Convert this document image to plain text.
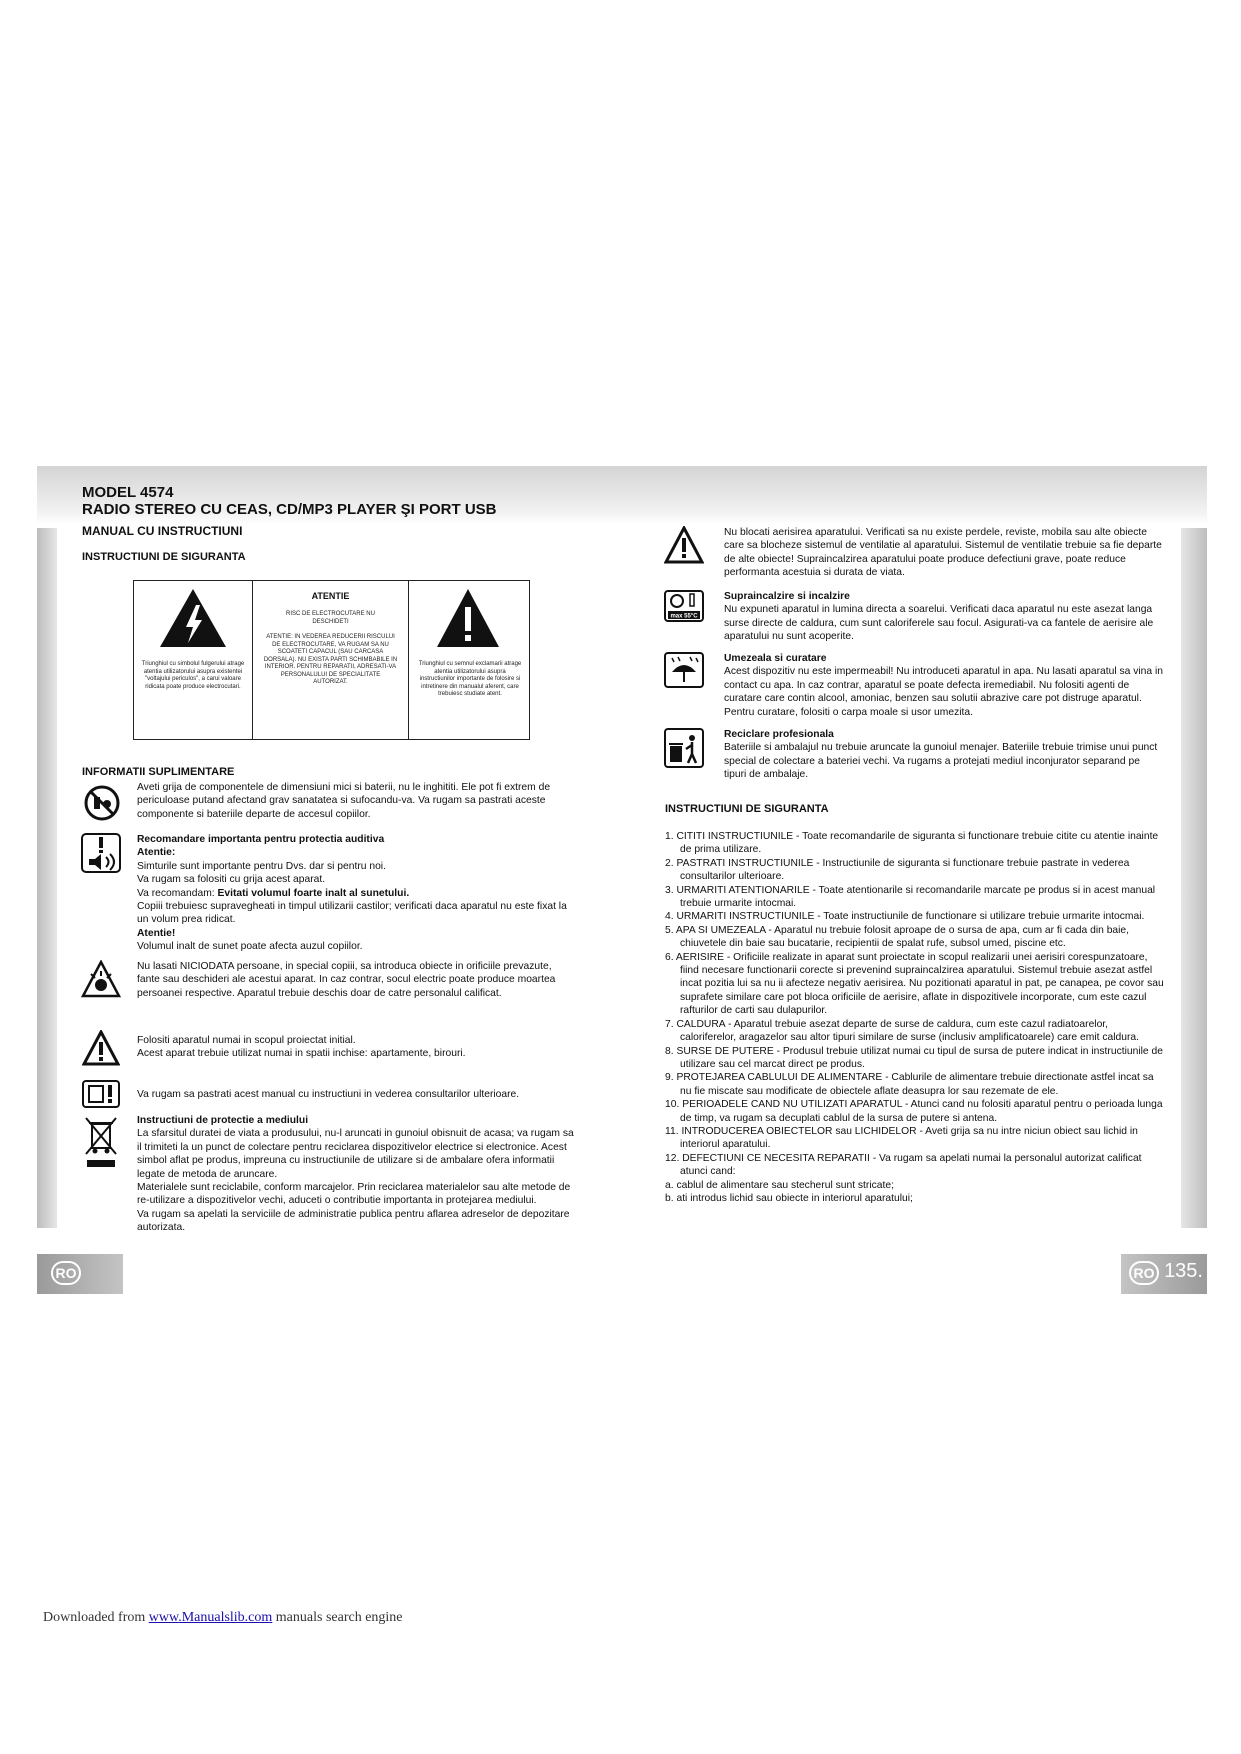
MODEL 4574
RADIO STEREO CU CEAS, CD/MP3 PLAYER ŞI PORT USB
MANUAL CU INSTRUCTIUNI
INSTRUCTIUNI DE SIGURANTA
Triunghiul cu simbolul fulgerului atrage atentia utilizatorului asupra existentei "voltajului periculos", a carui valoare ridicata poate produce electrocutari.
ATENTIE
RISC DE ELECTROCUTARE NU DESCHIDETI
ATENTIE: IN VEDEREA REDUCERII RISCULUI DE ELECTROCUTARE, VA RUGAM SA NU SCOATETI CAPACUL (SAU CARCASA DORSALA). NU EXISTA PARTI SCHIMBABILE IN INTERIOR. PENTRU REPARATII, ADRESATI-VA PERSONALULUI DE SPECIALITATE AUTORIZAT.
Triunghiul cu semnul exclamarii atrage atentia utilizatorului asupra instructiunilor importante de folosire si intretinere din manualul aferent, care trebuiesc studiate atent.
INFORMATII SUPLIMENTARE
Aveti grija de componentele de dimensiuni mici si baterii, nu le inghititi. Ele pot fi extrem de periculoase putand afectand grav sanatatea si sufocandu-va. Va rugam sa pastrati aceste componente si bateriile departe de accesul copiilor.
Recomandare importanta pentru protectia auditiva
Atentie:
Simturile sunt importante pentru Dvs. dar si pentru noi.
Va rugam sa folositi cu grija acest aparat.
Va recomandam: Evitati volumul foarte inalt al sunetului.
Copiii trebuiesc supravegheati in timpul utilizarii castilor; verificati daca aparatul nu este fixat la un volum prea ridicat.
Atentie!
Volumul inalt de sunet poate afecta auzul copiilor.
Nu lasati NICIODATA persoane, in special copiii, sa introduca obiecte in orificiile prevazute, fante sau deschideri ale acestui aparat. In caz contrar, socul electric poate produce moartea persoanei respective. Aparatul trebuie deschis doar de catre personalul calificat.
Folositi aparatul numai in scopul proiectat initial.
Acest aparat trebuie utilizat numai in spatii inchise: apartamente, birouri.
Va rugam sa pastrati acest manual cu instructiuni in vederea consultarilor ulterioare.
Instructiuni de protectie a mediului
La sfarsitul duratei de viata a produsului, nu-l aruncati in gunoiul obisnuit de acasa; va rugam sa il trimiteti la un punct de colectare pentru reciclarea dispozitivelor electrice si electronice. Acest simbol aflat pe produs, impreuna cu instructiunile de utilizare si de ambalare ofera informatii legate de metoda de aruncare.
Materialele sunt reciclabile, conform marcajelor. Prin reciclarea materialelor sau alte metode de re-utilizare a dispozitivelor vechi, aduceti o contributie importanta in protejarea mediului.
Va rugam sa apelati la serviciile de administratie publica pentru aflarea adreselor de depozitare autorizata.
Nu blocati aerisirea aparatului. Verificati sa nu existe perdele, reviste, mobila sau alte obiecte care sa blocheze sistemul de ventilatie al aparatului. Sistemul de ventilatie trebuie sa fie departe de alte obiecte! Supraincalzirea aparatului poate produce defectiuni grave, poate reduce performanta acestuia si durata de viata.
max 55°C
Supraincalzire si incalzire
Nu expuneti aparatul in lumina directa a soarelui. Verificati daca aparatul nu este asezat langa surse directe de caldura, cum sunt caloriferele sau focul. Asigurati-va ca fantele de aerisire ale aparatului nu sunt acoperite.
Umezeala si curatare
Acest dispozitiv nu este impermeabil! Nu introduceti aparatul in apa. Nu lasati aparatul sa vina in contact cu apa. In caz contrar, aparatul se poate defecta iremediabil. Nu folositi agenti de curatare care contin alcool, amoniac, benzen sau solutii abrazive care pot distruge aparatul. Pentru curatare, folositi o carpa moale si usor umezita.
Reciclare profesionala
Bateriile si ambalajul nu trebuie aruncate la gunoiul menajer. Bateriile trebuie trimise unui punct special de colectare a bateriei vechi. Va rugams a protejati mediul inconjurator separand pe tipuri de ambalaje.
INSTRUCTIUNI DE SIGURANTA
1. CITITI INSTRUCTIUNILE - Toate recomandarile de siguranta si functionare trebuie citite cu atentie inainte de prima utilizare.
2. PASTRATI INSTRUCTIUNILE - Instructiunile de siguranta si functionare trebuie pastrate in vederea consultarilor ulterioare.
3. URMARITI ATENTIONARILE - Toate atentionarile si recomandarile marcate pe produs si in acest manual trebuie urmarite intocmai.
4. URMARITI INSTRUCTIUNILE - Toate instructiunile de functionare si utilizare trebuie urmarite intocmai.
5. APA SI UMEZEALA - Aparatul nu trebuie folosit aproape de o sursa de apa, cum ar fi cada din baie, chiuvetele din baie sau bucatarie, recipientii de spalat rufe, subsol umed, piscine etc.
6. AERISIRE - Orificiile realizate in aparat sunt proiectate in scopul realizarii unei aerisiri corespunzatoare, fiind necesare functionarii corecte si prevenind supraincalzirea aparatului. Sistemul trebuie asezat astfel incat pozitia lui sa nu ii afecteze negativ aerisirea. Nu pozitionati aparatul in pat, pe canapea, pe covor sau suprafete similare care pot bloca orificiile de aerisire, aflate in dispozitivele incorporate, cum este cazul rafturilor de carti sau dulapurilor.
7. CALDURA - Aparatul trebuie asezat departe de surse de caldura, cum este cazul radiatoarelor, caloriferelor, aragazelor sau altor tipuri similare de surse (inclusiv amplificatoarele) care emit caldura.
8. SURSE DE PUTERE - Produsul trebuie utilizat numai cu tipul de sursa de putere indicat in instructiunile de utilizare sau cel marcat direct pe produs.
9. PROTEJAREA CABLULUI DE ALIMENTARE - Cablurile de alimentare trebuie directionate astfel incat sa nu fie miscate sau modificate de obiectele aflate deasupra lor sau rezemate de ele.
10. PERIOADELE CAND NU UTILIZATI APARATUL - Atunci cand nu folositi aparatul pentru o perioada lunga de timp, va rugam sa decuplati cablul de la sursa de putere si antena.
11. INTRODUCEREA OBIECTELOR sau LICHIDELOR - Aveti grija sa nu intre niciun obiect sau lichid in interiorul aparatului.
12. DEFECTIUNI CE NECESITA REPARATII - Va rugam sa apelati numai la personalul autorizat calificat atunci cand:
a. cablul de alimentare sau stecherul sunt stricate;
b. ati introdus lichid sau obiecte in interiorul aparatului;
RO	RO 135.
Downloaded from www.Manualslib.com manuals search engine
